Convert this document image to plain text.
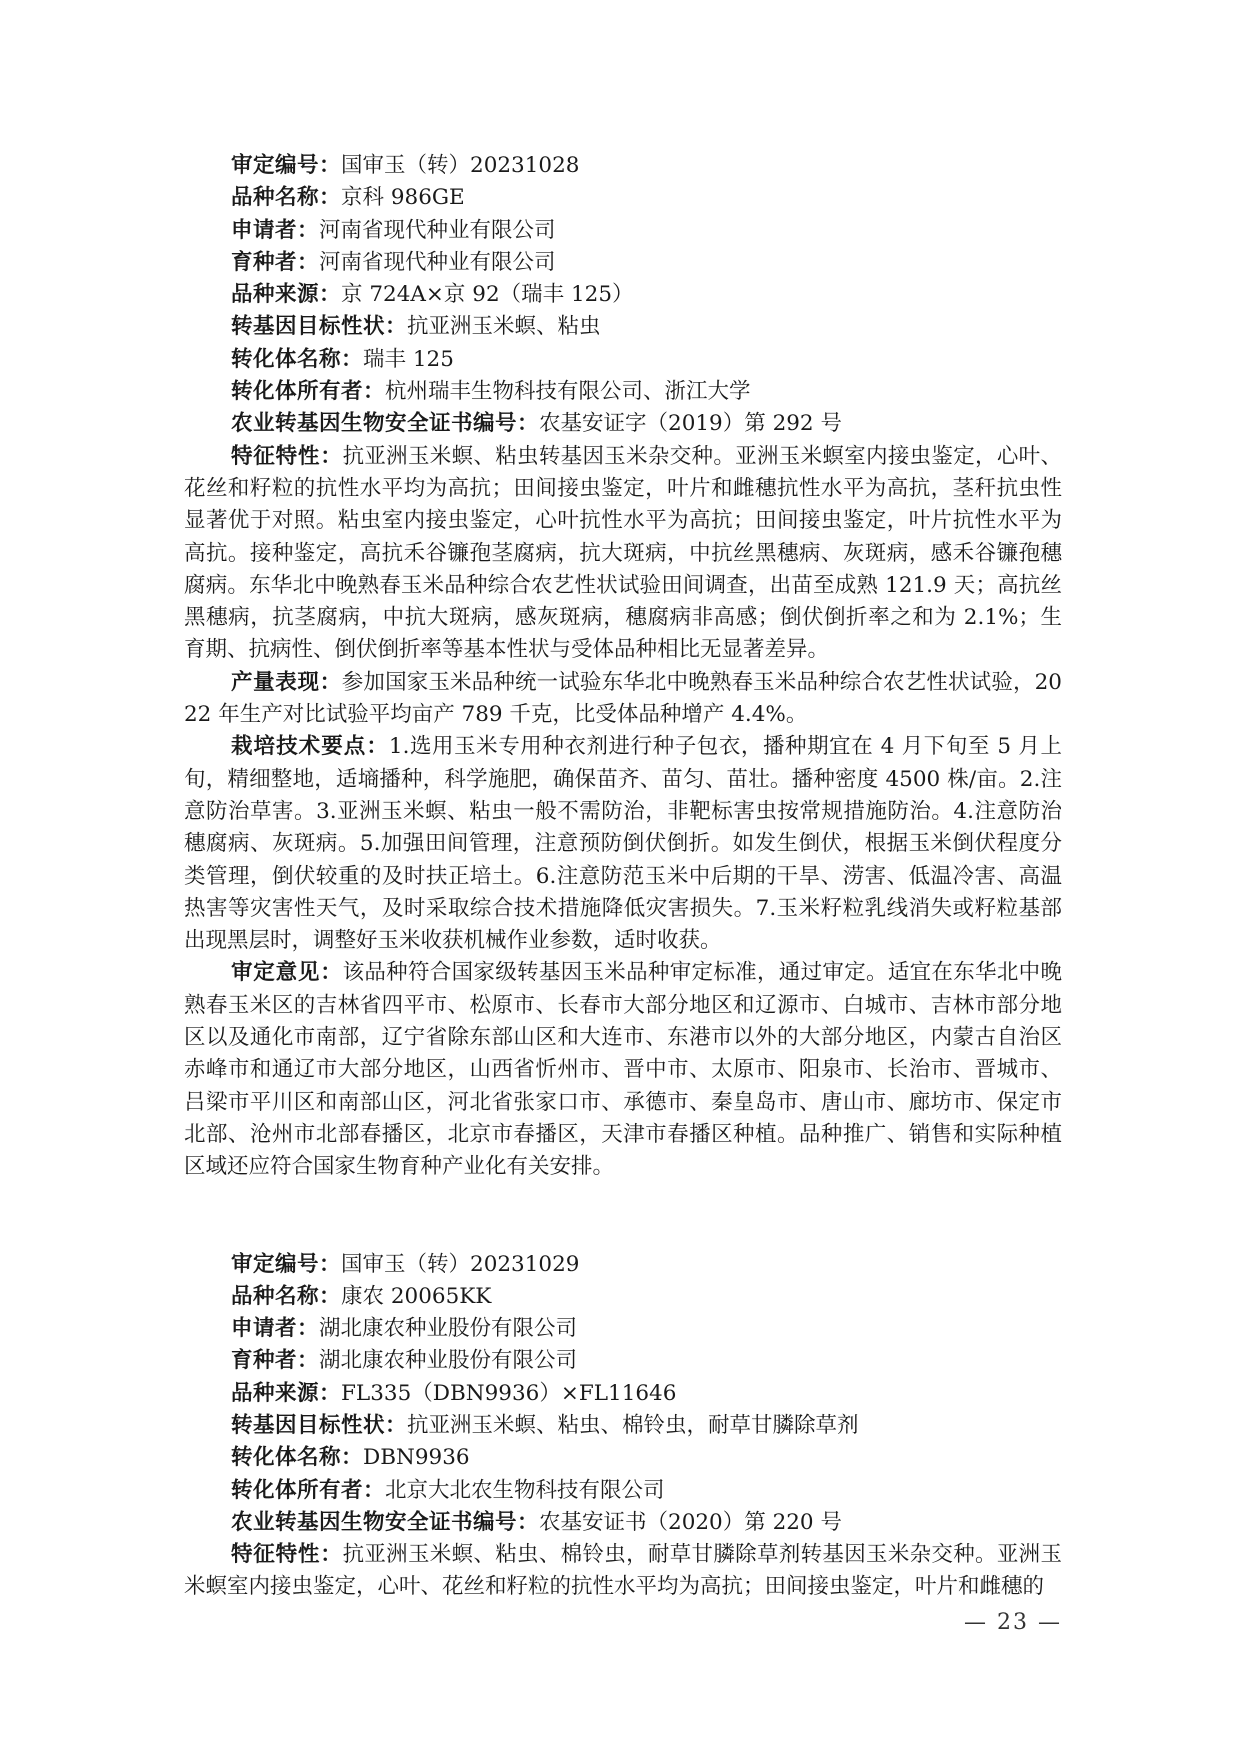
审定编号：国审玉（转）20231028

品种名称：京科 986GE

申请者：河南省现代种业有限公司

育种者：河南省现代种业有限公司

品种来源：京 724A×京 92（瑞丰 125）

转基因目标性状：抗亚洲玉米螟、粘虫

转化体名称：瑞丰 125

转化体所有者：杭州瑞丰生物科技有限公司、浙江大学

农业转基因生物安全证书编号：农基安证字（2019）第 292 号

特征特性：抗亚洲玉米螟、粘虫转基因玉米杂交种。亚洲玉米螟室内接虫鉴定，心叶、花丝和籽粒的抗性水平均为高抗；田间接虫鉴定，叶片和雌穗抗性水平为高抗，茎秆抗虫性显著优于对照。粘虫室内接虫鉴定，心叶抗性水平为高抗；田间接虫鉴定，叶片抗性水平为高抗。接种鉴定，高抗禾谷镰孢茎腐病，抗大斑病，中抗丝黑穗病、灰斑病，感禾谷镰孢穗腐病。东华北中晚熟春玉米品种综合农艺性状试验田间调查，出苗至成熟 121.9 天；高抗丝黑穗病，抗茎腐病，中抗大斑病，感灰斑病，穗腐病非高感；倒伏倒折率之和为 2.1%；生育期、抗病性、倒伏倒折率等基本性状与受体品种相比无显著差异。

产量表现：参加国家玉米品种统一试验东华北中晚熟春玉米品种综合农艺性状试验，2022 年生产对比试验平均亩产 789 千克，比受体品种增产 4.4%。

栽培技术要点：1.选用玉米专用种衣剂进行种子包衣，播种期宜在 4 月下旬至 5 月上旬，精细整地，适墒播种，科学施肥，确保苗齐、苗匀、苗壮。播种密度 4500 株/亩。2.注意防治草害。3.亚洲玉米螟、粘虫一般不需防治，非靶标害虫按常规措施防治。4.注意防治穗腐病、灰斑病。5.加强田间管理，注意预防倒伏倒折。如发生倒伏，根据玉米倒伏程度分类管理，倒伏较重的及时扶正培土。6.注意防范玉米中后期的干旱、涝害、低温冷害、高温热害等灾害性天气，及时采取综合技术措施降低灾害损失。7.玉米籽粒乳线消失或籽粒基部出现黑层时，调整好玉米收获机械作业参数，适时收获。

审定意见：该品种符合国家级转基因玉米品种审定标准，通过审定。适宜在东华北中晚熟春玉米区的吉林省四平市、松原市、长春市大部分地区和辽源市、白城市、吉林市部分地区以及通化市南部，辽宁省除东部山区和大连市、东港市以外的大部分地区，内蒙古自治区赤峰市和通辽市大部分地区，山西省忻州市、晋中市、太原市、阳泉市、长治市、晋城市、吕梁市平川区和南部山区，河北省张家口市、承德市、秦皇岛市、唐山市、廊坊市、保定市北部、沧州市北部春播区，北京市春播区，天津市春播区种植。品种推广、销售和实际种植区域还应符合国家生物育种产业化有关安排。

审定编号：国审玉（转）20231029

品种名称：康农 20065KK

申请者：湖北康农种业股份有限公司

育种者：湖北康农种业股份有限公司

品种来源：FL335（DBN9936）×FL11646

转基因目标性状：抗亚洲玉米螟、粘虫、棉铃虫，耐草甘膦除草剂

转化体名称：DBN9936

转化体所有者：北京大北农生物科技有限公司

农业转基因生物安全证书编号：农基安证书（2020）第 220 号

特征特性：抗亚洲玉米螟、粘虫、棉铃虫，耐草甘膦除草剂转基因玉米杂交种。亚洲玉米螟室内接虫鉴定，心叶、花丝和籽粒的抗性水平均为高抗；田间接虫鉴定，叶片和雌穗的

— 23 —
